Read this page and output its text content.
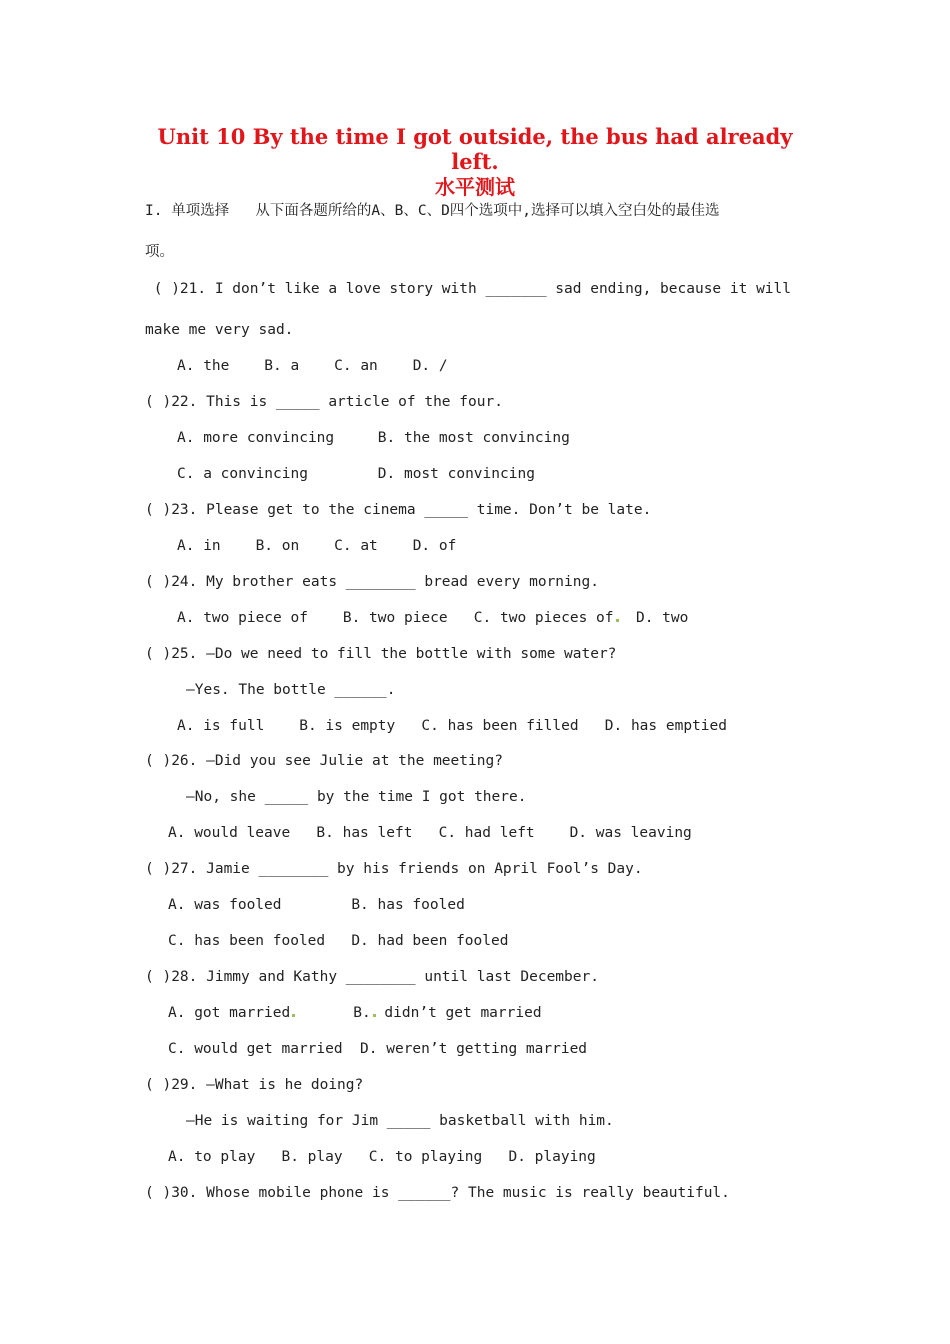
Unit 10 By the time I got outside, the bus had already
left.
水平测试
I. 单项选择   从下面各题所给的A、B、C、D四个选项中,选择可以填入空白处的最佳选
项。
( )21. I don’t like a love story with _______ sad ending, because it will
make me very sad.
A. the    B. a    C. an    D. /
( )22. This is _____ article of the four.
A. more convincing     B. the most convincing
C. a convincing        D. most convincing
( )23. Please get to the cinema _____ time. Don’t be late.
A. in    B. on    C. at    D. of
( )24. My brother eats ________ bread every morning.
A. two piece of    B. two piece   C. two pieces of  D. two
( )25. —Do we need to fill the bottle with some water?
—Yes. The bottle ______.
A. is full    B. is empty   C. has been filled   D. has emptied
( )26. —Did you see Julie at the meeting?
—No, she _____ by the time I got there.
A. would leave   B. has left   C. had left    D. was leaving
( )27. Jamie ________ by his friends on April Fool’s Day.
A. was fooled        B. has fooled
C. has been fooled   D. had been fooled
( )28. Jimmy and Kathy ________ until last December.
A. got married	B. didn’t get married
C. would get married  D. weren’t getting married
( )29. —What is he doing?
—He is waiting for Jim _____ basketball with him.
A. to play   B. play   C. to playing   D. playing
( )30. Whose mobile phone is ______? The music is really beautiful.
